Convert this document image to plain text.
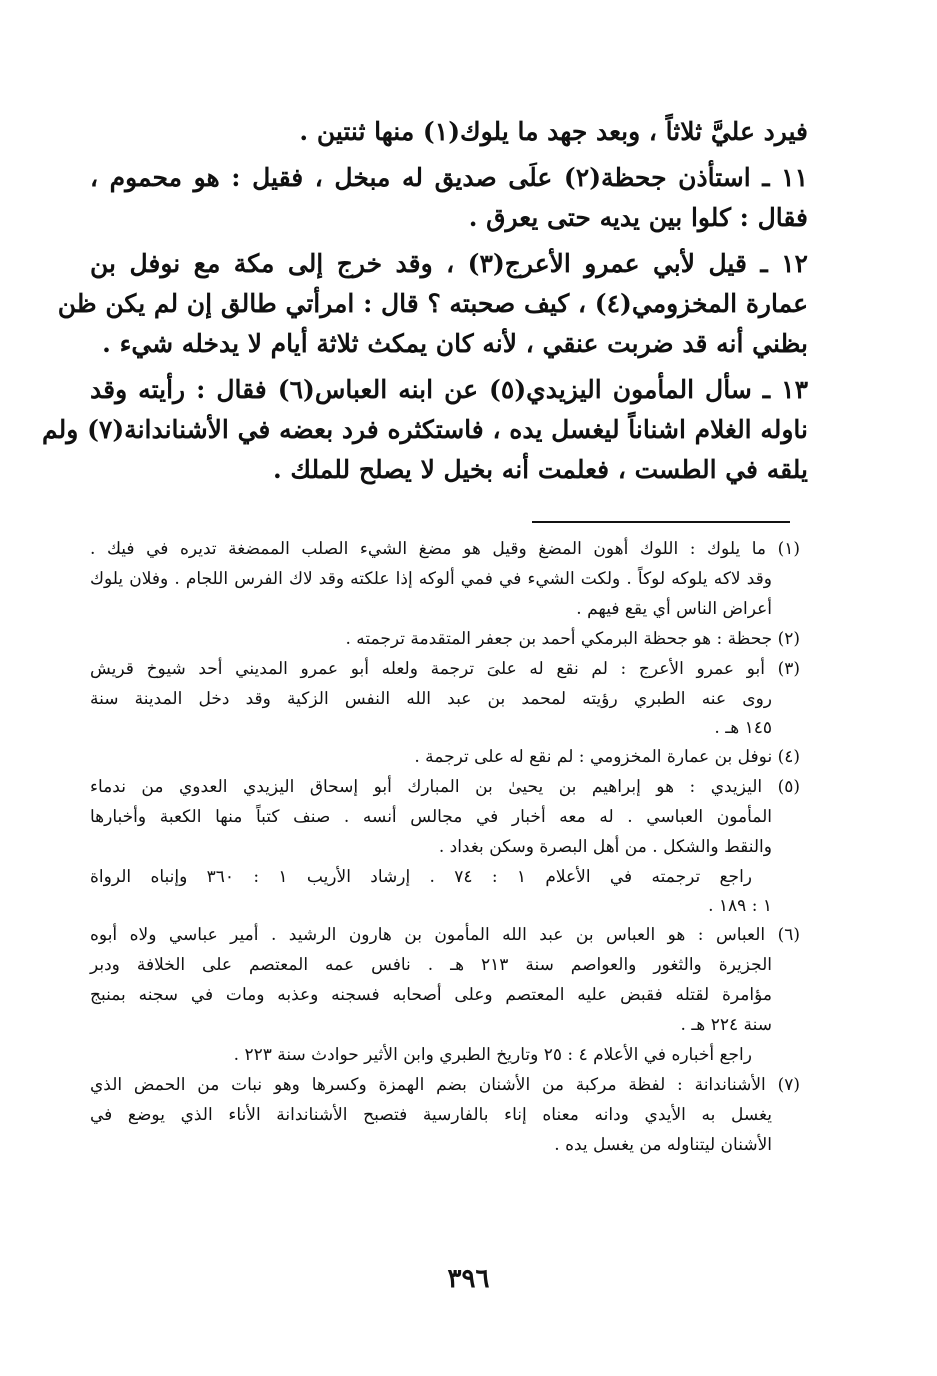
فيرد عليَّ ثلاثاً ، وبعد جهد ما يلوك(١) منها ثنتين .
١١ ـ استأذن جحظة(٢) علَى صديق له مبخل ، فقيل : هو محموم ،
فقال : كلوا بين يديه حتى يعرق .
١٢ ـ قيل لأبي عمرو الأعرج(٣) ، وقد خرج إلى مكة مع نوفل بن
عمارة المخزومي(٤) ، كيف صحبته ؟ قال : امرأتي طالق إن لم يكن ظن
بظني أنه قد ضربت عنقي ، لأنه كان يمكث ثلاثة أيام لا يدخله شيء .
١٣ ـ سأل المأمون اليزيدي(٥) عن ابنه العباس(٦) فقال : رأيته وقد
ناوله الغلام اشناناً ليغسل يده ، فاستكثره فرد بعضه في الأشناندانة(٧) ولم
يلقه في الطست ، فعلمت أنه بخيل لا يصلح للملك .
(١) ما يلوك : اللوك أهون المضغ وقيل هو مضغ الشيء الصلب الممضغة تديره في فيك .
وقد لاكه يلوكه لوكاً . ولكت الشيء في فمي ألوكه إذا علكته وقد لاك الفرس اللجام . وفلان يلوك
أعراض الناس أي يقع فيهم .
(٢) جحظة : هو جحظة البرمكي أحمد بن جعفر المتقدمة ترجمته .
(٣) أبو عمرو الأعرج : لم نقع له علىَ ترجمة ولعله أبو عمرو المديني أحد شيوخ قريش
روى عنه الطبري رؤيته لمحمد بن عبد الله النفس الزكية وقد دخل المدينة سنة
١٤٥ هـ .
(٤) نوفل بن عمارة المخزومي : لم نقع له على ترجمة .
(٥) اليزيدي : هو إبراهيم بن يحيىٰ بن المبارك أبو إسحاق اليزيدي العدوي من ندماء
المأمون العباسي . له معه أخبار في مجالس أنسه . صنف كتباً منها الكعبة وأخبارها
والنقط والشكل . من أهل البصرة وسكن بغداد .
راجع ترجمته في الأعلام ١ : ٧٤ . إرشاد الأريب ١ : ٣٦٠ وإنباه الرواة
١ : ١٨٩ .
(٦) العباس : هو العباس بن عبد الله المأمون بن هارون الرشيد . أمير عباسي ولاه أبوه
الجزيرة والثغور والعواصم سنة ٢١٣ هـ . نافس عمه المعتصم على الخلافة ودبر
مؤامرة لقتله فقبض عليه المعتصم وعلى أصحابه فسجنه وعذبه ومات في سجنه بمنبج
سنة ٢٢٤ هـ .
راجع أخباره في الأعلام ٤ : ٢٥ وتاريخ الطبري وابن الأثير حوادث سنة ٢٢٣ .
(٧) الأشناندانة : لفظة مركبة من الأشنان بضم الهمزة وكسرها وهو نبات من الحمض الذي
يغسل به الأيدي ودانه معناه إناء بالفارسية فتصبح الأشناندانة الأناء الذي يوضع في
الأشنان ليتناوله من يغسل يده .
٣٩٦
